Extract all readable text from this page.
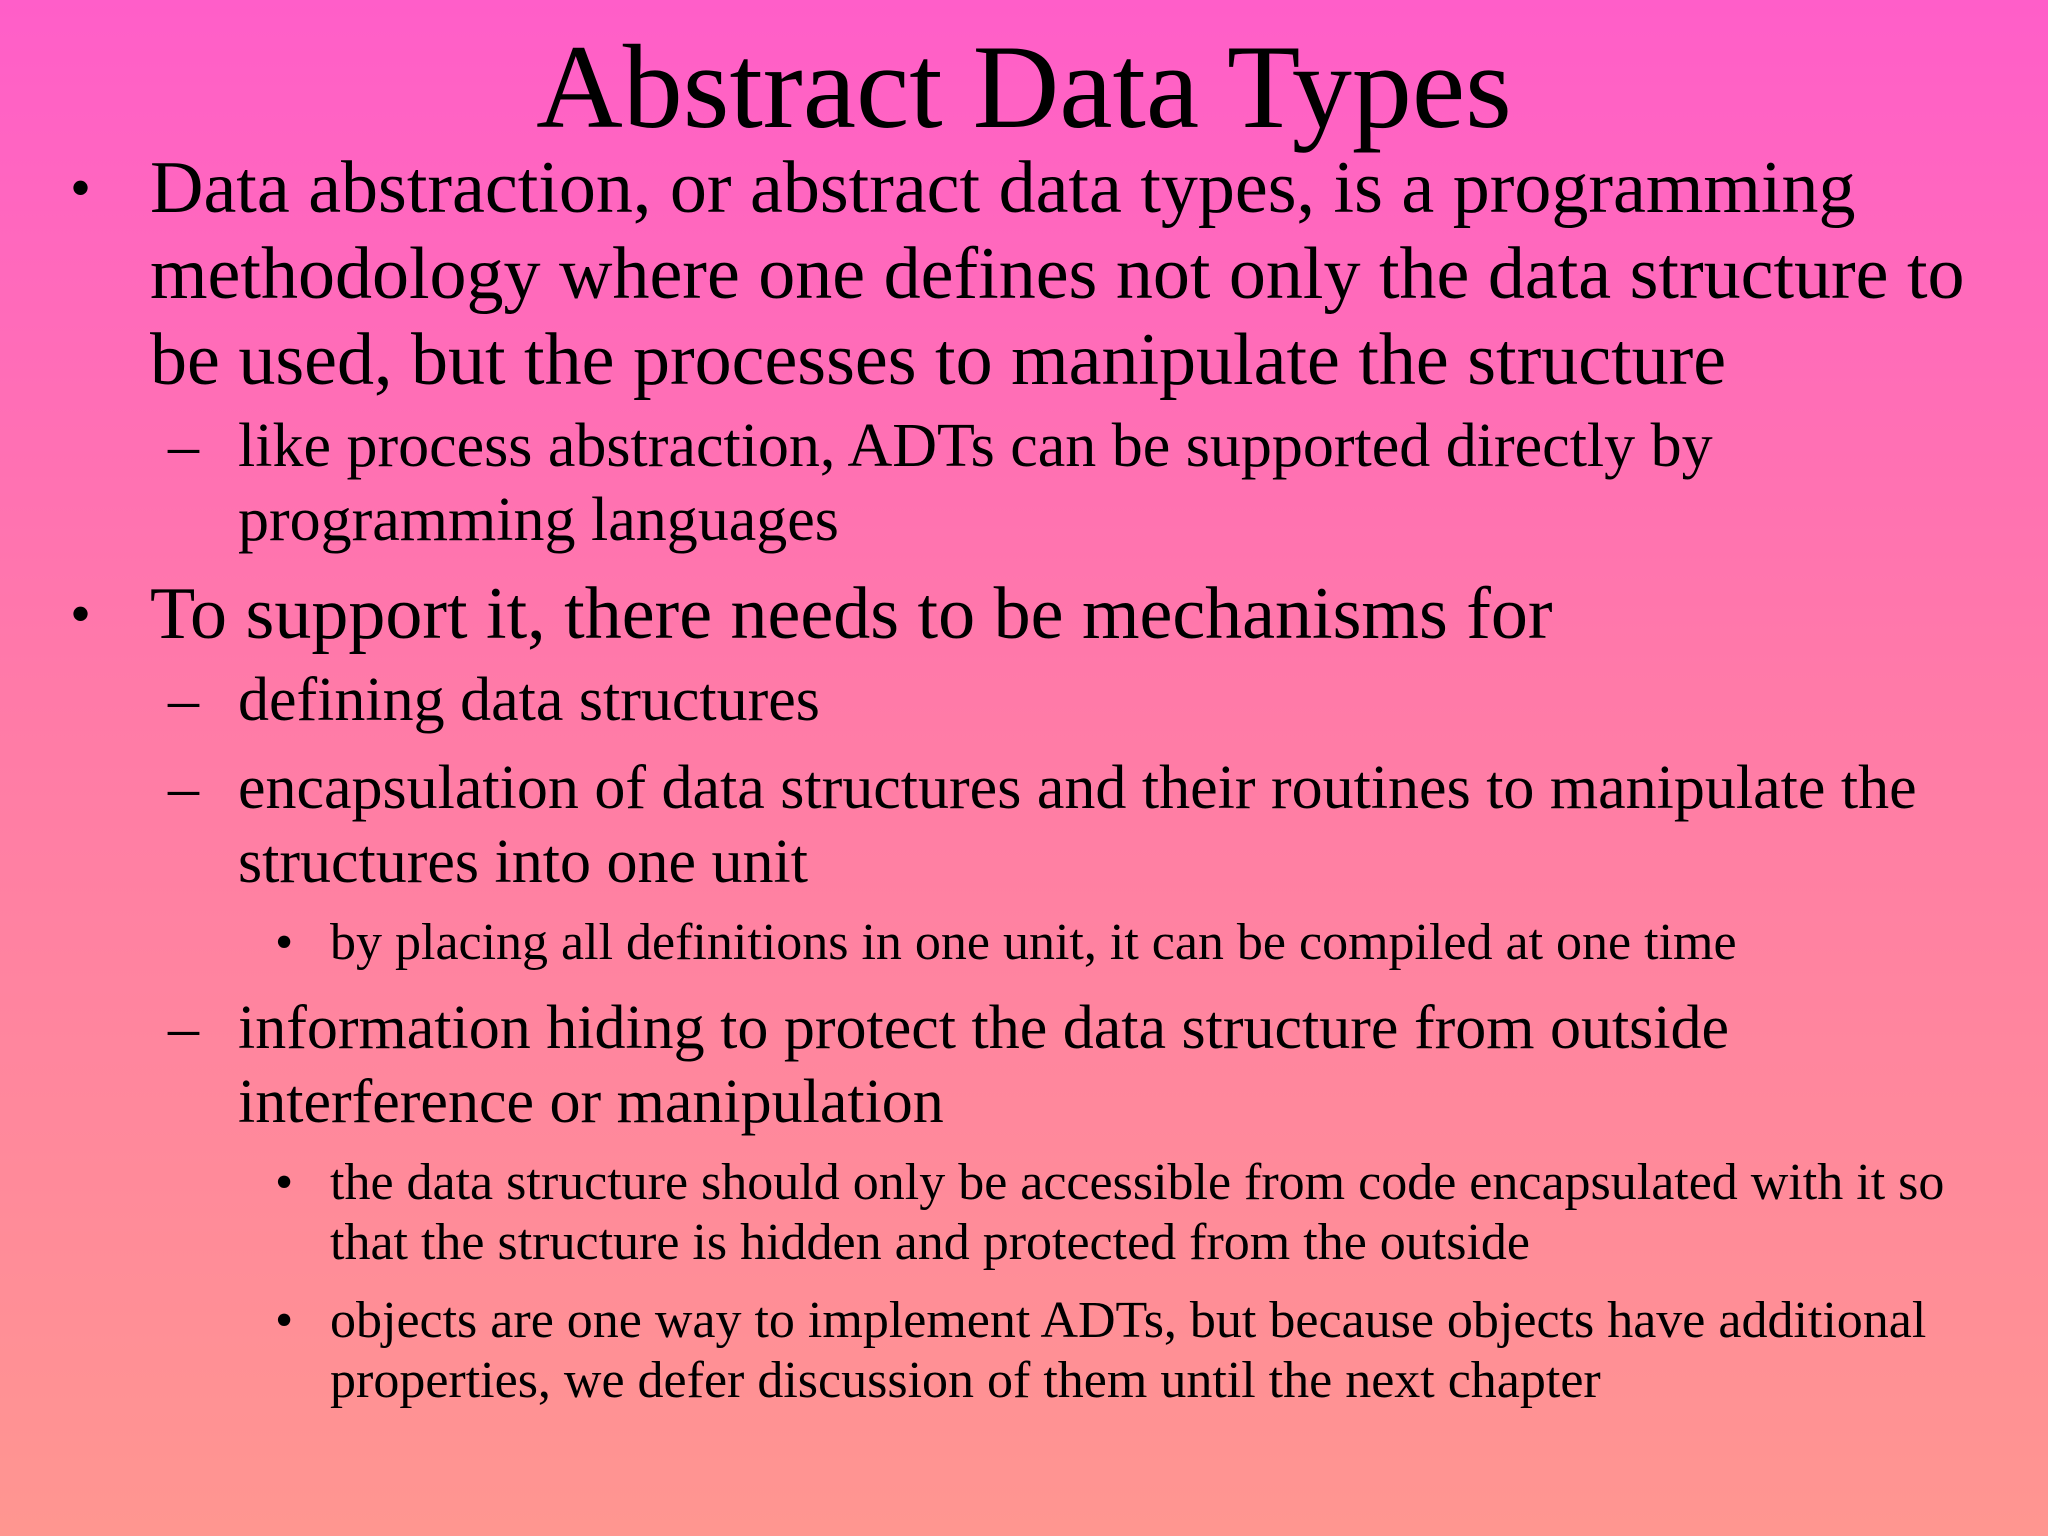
Abstract Data Types
• Data abstraction, or abstract data types, is a programming methodology where one defines not only the data structure to be used, but the processes to manipulate the structure
– like process abstraction, ADTs can be supported directly by programming languages
• To support it, there needs to be mechanisms for
– defining data structures
– encapsulation of data structures and their routines to manipulate the structures into one unit
• by placing all definitions in one unit, it can be compiled at one time
– information hiding to protect the data structure from outside interference or manipulation
• the data structure should only be accessible from code encapsulated with it so that the structure is hidden and protected from the outside
• objects are one way to implement ADTs, but because objects have additional properties, we defer discussion of them until the next chapter
